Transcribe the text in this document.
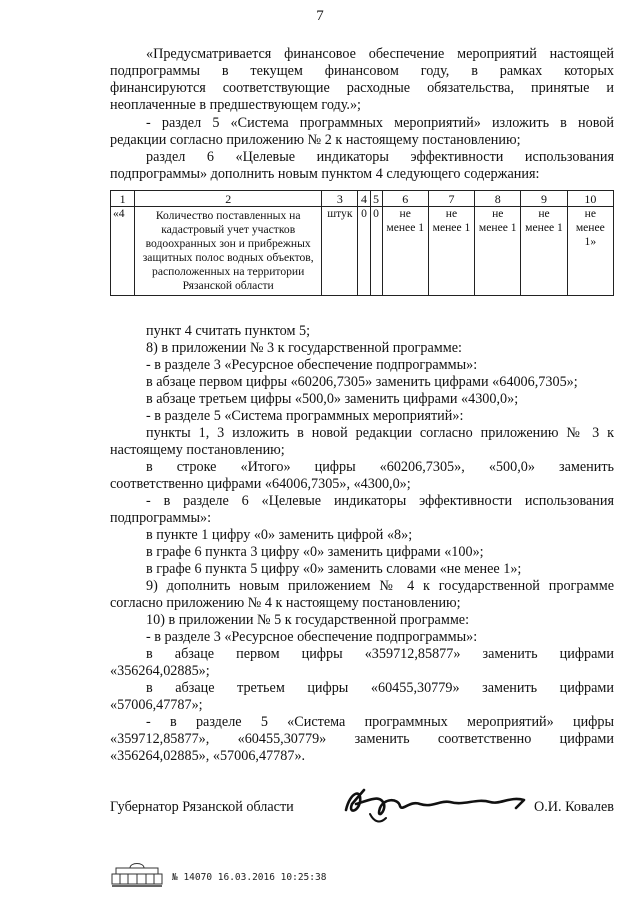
7
«Предусматривается финансовое обеспечение мероприятий настоящей
подпрограммы в текущем финансовом году, в рамках которых
финансируются соответствующие расходные обязательства, принятые и
неоплаченные в предшествующем году.»;
- раздел 5 «Система программных мероприятий» изложить в новой
редакции согласно приложению № 2 к настоящему постановлению;
раздел 6 «Целевые индикаторы эффективности использования
подпрограммы» дополнить новым пунктом 4 следующего содержания:
1	2	3	4	5	6	7	8	9	10
«4	Количество поставленных на кадастровый учет участков водоохранных зон и прибрежных защитных полос водных объектов, расположенных на территории Рязанской области	штук	0	0	не менее 1	не менее 1	не менее 1	не менее 1	не менее 1»
пункт 4 считать пунктом 5;
8) в приложении № 3 к государственной программе:
- в разделе 3 «Ресурсное обеспечение подпрограммы»:
в абзаце первом цифры «60206,7305» заменить цифрами «64006,7305»;
в абзаце третьем цифры «500,0» заменить цифрами «4300,0»;
- в разделе 5 «Система программных мероприятий»:
пункты 1, 3 изложить в новой редакции согласно приложению № 3 к
настоящему постановлению;
в строке «Итого» цифры «60206,7305», «500,0» заменить
соответственно цифрами «64006,7305», «4300,0»;
- в разделе 6 «Целевые индикаторы эффективности использования
подпрограммы»:
в пункте 1 цифру «0» заменить цифрой «8»;
в графе 6 пункта 3 цифру «0» заменить цифрами «100»;
в графе 6 пункта 5 цифру «0» заменить словами «не менее 1»;
9) дополнить новым приложением № 4 к государственной программе
согласно приложению № 4 к настоящему постановлению;
10) в приложении № 5 к государственной программе:
- в разделе 3 «Ресурсное обеспечение подпрограммы»:
в абзаце первом цифры «359712,85877» заменить цифрами
«356264,02885»;
в абзаце третьем цифры «60455,30779» заменить цифрами
«57006,47787»;
- в разделе 5 «Система программных мероприятий» цифры
«359712,85877», «60455,30779» заменить соответственно цифрами
«356264,02885», «57006,47787».
Губернатор Рязанской области	О.И. Ковалев
№ 14070 16.03.2016 10:25:38
